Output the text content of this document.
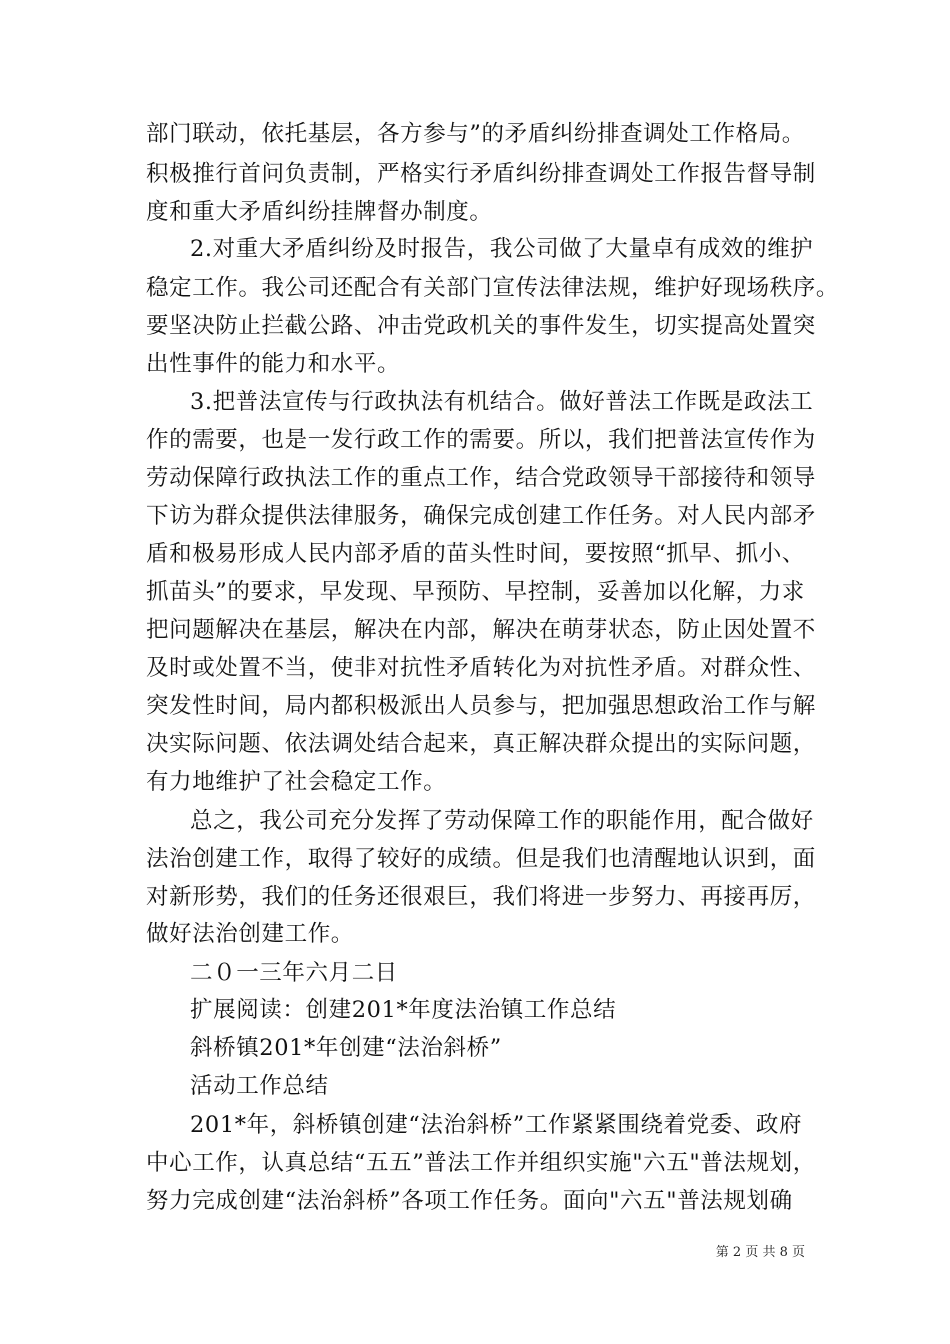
部门联动，依托基层，各方参与”的矛盾纠纷排查调处工作格局。
积极推行首问负责制，严格实行矛盾纠纷排查调处工作报告督导制
度和重大矛盾纠纷挂牌督办制度。
2.对重大矛盾纠纷及时报告，我公司做了大量卓有成效的维护
稳定工作。我公司还配合有关部门宣传法律法规，维护好现场秩序。
要坚决防止拦截公路、冲击党政机关的事件发生，切实提高处置突
出性事件的能力和水平。
3.把普法宣传与行政执法有机结合。做好普法工作既是政法工
作的需要，也是一发行政工作的需要。所以，我们把普法宣传作为
劳动保障行政执法工作的重点工作，结合党政领导干部接待和领导
下访为群众提供法律服务，确保完成创建工作任务。对人民内部矛
盾和极易形成人民内部矛盾的苗头性时间，要按照“抓早、抓小、
抓苗头”的要求，早发现、早预防、早控制，妥善加以化解，力求
把问题解决在基层，解决在内部，解决在萌芽状态，防止因处置不
及时或处置不当，使非对抗性矛盾转化为对抗性矛盾。对群众性、
突发性时间，局内都积极派出人员参与，把加强思想政治工作与解
决实际问题、依法调处结合起来，真正解决群众提出的实际问题，
有力地维护了社会稳定工作。
总之，我公司充分发挥了劳动保障工作的职能作用，配合做好
法治创建工作，取得了较好的成绩。但是我们也清醒地认识到，面
对新形势，我们的任务还很艰巨，我们将进一步努力、再接再厉，
做好法治创建工作。
二０一三年六月二日
扩展阅读：创建201*年度法治镇工作总结
斜桥镇201*年创建“法治斜桥”
活动工作总结
201*年，斜桥镇创建“法治斜桥”工作紧紧围绕着党委、政府
中心工作，认真总结“五五”普法工作并组织实施"六五"普法规划，
努力完成创建“法治斜桥”各项工作任务。面向"六五"普法规划确
第 2 页 共 8 页
